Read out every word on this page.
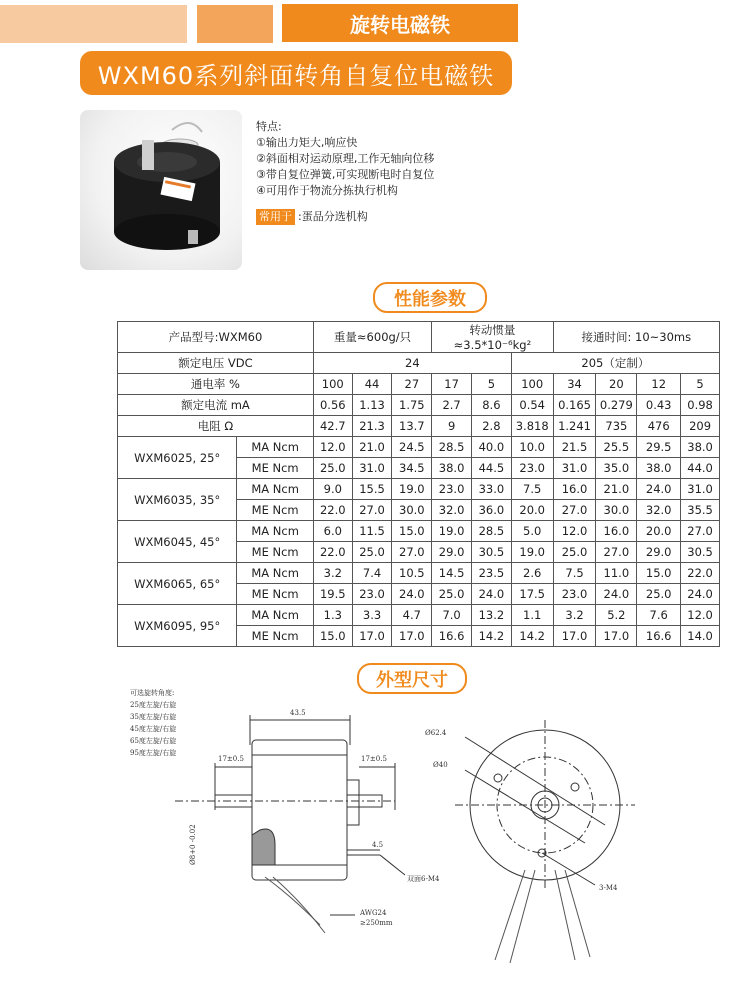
旋转电磁铁
WXM60系列斜面转角自复位电磁铁
特点:
①输出力矩大,响应快
②斜面相对运动原理,工作无轴向位移
③带自复位弹簧,可实现断电时自复位
④可用作于物流分拣执行机构
常用于 :蛋品分选机构
性能参数
产品型号:WXM60		重量≈600g/只			转动惯量≈3.5*10⁻⁶kg²			接通时间: 10~30ms			
额定电压 VDC		24					205（定制）				
通电率 %		100	44	27	17	5	100	34	20	12	5
额定电流 mA		0.56	1.13	1.75	2.7	8.6	0.54	0.165	0.279	0.43	0.98
电阻 Ω		42.7	21.3	13.7	9	2.8	3.818	1.241	735	476	209
WXM6025, 25°	MA Ncm	12.0	21.0	24.5	28.5	40.0	10.0	21.5	25.5	29.5	38.0
	ME Ncm	25.0	31.0	34.5	38.0	44.5	23.0	31.0	35.0	38.0	44.0
WXM6035, 35°	MA Ncm	9.0	15.5	19.0	23.0	33.0	7.5	16.0	21.0	24.0	31.0
	ME Ncm	22.0	27.0	30.0	32.0	36.0	20.0	27.0	30.0	32.0	35.5
WXM6045, 45°	MA Ncm	6.0	11.5	15.0	19.0	28.5	5.0	12.0	16.0	20.0	27.0
	ME Ncm	22.0	25.0	27.0	29.0	30.5	19.0	25.0	27.0	29.0	30.5
WXM6065, 65°	MA Ncm	3.2	7.4	10.5	14.5	23.5	2.6	7.5	11.0	15.0	22.0
	ME Ncm	19.5	23.0	24.0	25.0	24.0	17.5	23.0	24.0	25.0	24.0
WXM6095, 95°	MA Ncm	1.3	3.3	4.7	7.0	13.2	1.1	3.2	5.2	7.6	12.0
	ME Ncm	15.0	17.0	17.0	16.6	14.2	14.2	17.0	17.0	16.6	14.0
外型尺寸
可选旋转角度:
25度左旋/右旋
35度左旋/右旋
45度左旋/右旋
65度左旋/右旋
95度左旋/右旋
43.5
17±0.5	17±0.5
4.5
双面6-M4
AWG24
≥250mm
Ø8+0 -0.02
Ø62.4
Ø40
3-M4
